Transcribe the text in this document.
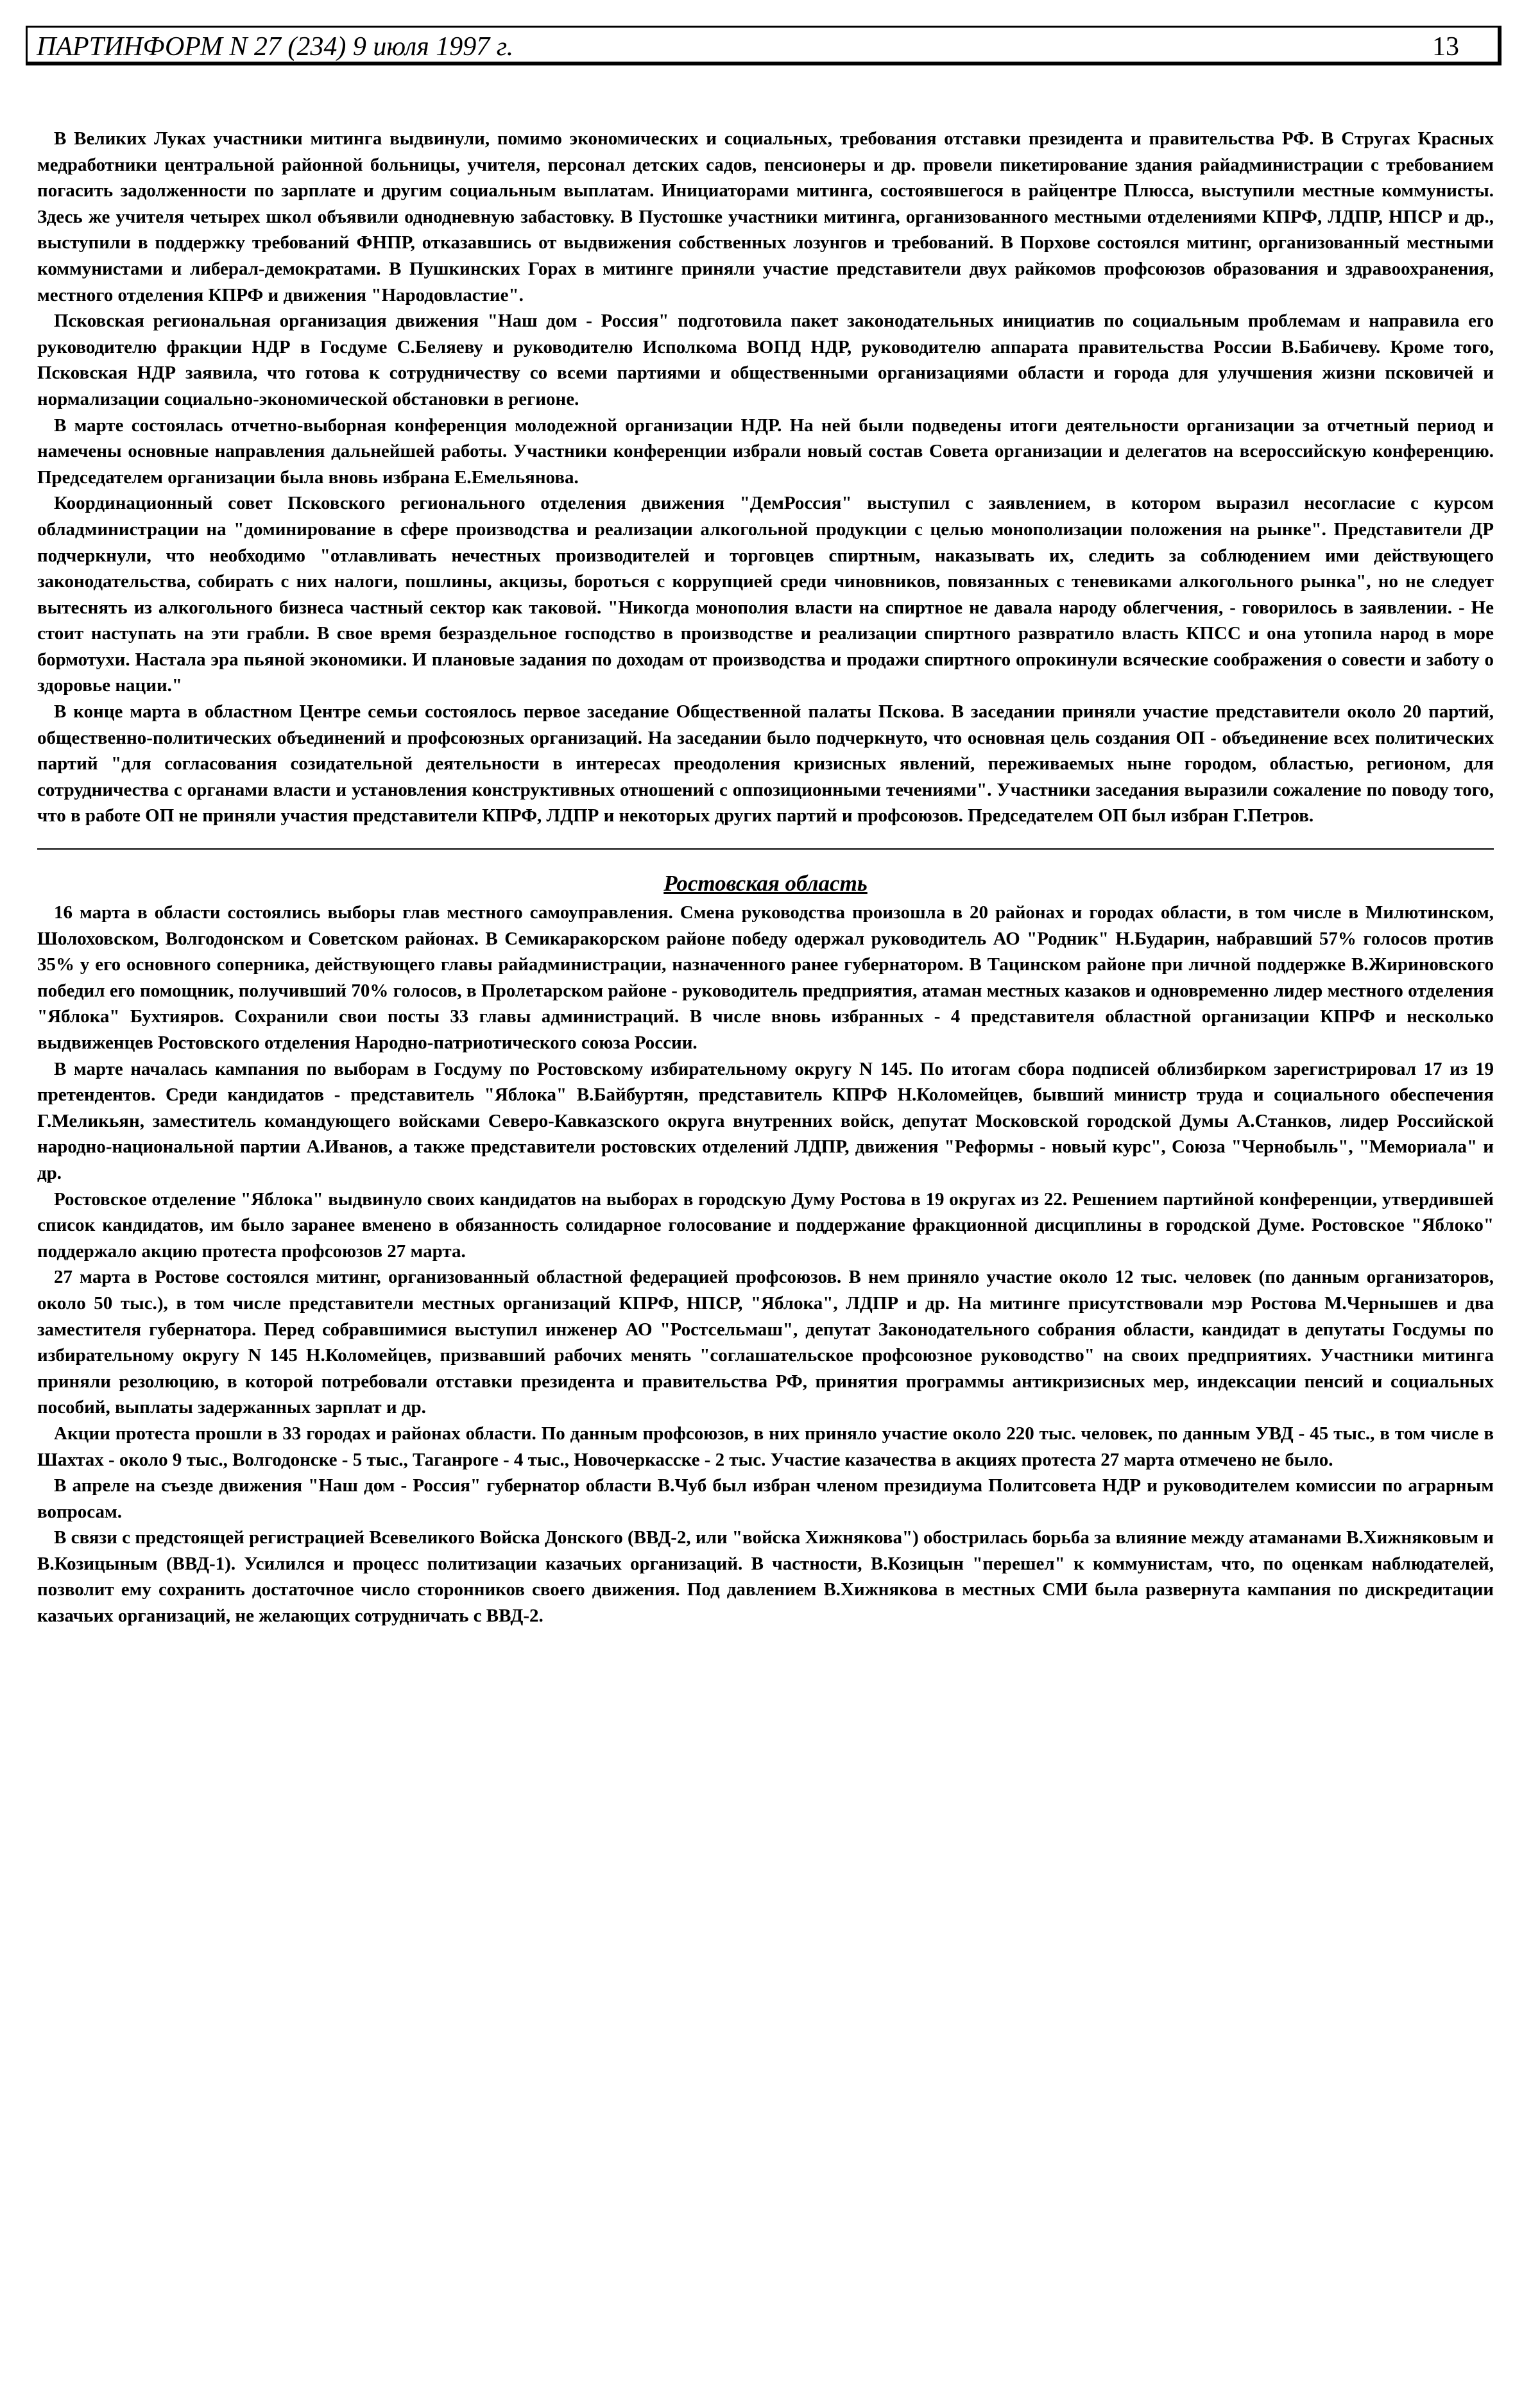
ПАРТИНФОРМ N 27 (234) 9 июля 1997 г.	13

В Великих Луках участники митинга выдвинули, помимо экономических и социальных, требования отставки президента и правительства РФ. В Стругах Красных медработники центральной районной больницы, учителя, персонал детских садов, пенсионеры и др. провели пикетирование здания райадминистрации с требованием погасить задолженности по зарплате и другим социальным выплатам. Инициаторами митинга, состоявшегося в райцентре Плюсса, выступили местные коммунисты. Здесь же учителя четырех школ объявили однодневную забастовку. В Пустошке участники митинга, организованного местными отделениями КПРФ, ЛДПР, НПСР и др., выступили в поддержку требований ФНПР, отказавшись от выдвижения собственных лозунгов и требований. В Порхове состоялся митинг, организованный местными коммунистами и либерал-демократами. В Пушкинских Горах в митинге приняли участие представители двух райкомов профсоюзов образования и здравоохранения, местного отделения КПРФ и движения "Народовластие".

Псковская региональная организация движения "Наш дом - Россия" подготовила пакет законодательных инициатив по социальным проблемам и направила его руководителю фракции НДР в Госдуме С.Беляеву и руководителю Исполкома ВОПД НДР, руководителю аппарата правительства России В.Бабичеву. Кроме того, Псковская НДР заявила, что готова к сотрудничеству со всеми партиями и общественными организациями области и города для улучшения жизни псковичей и нормализации социально-экономической обстановки в регионе.

В марте состоялась отчетно-выборная конференция молодежной организации НДР. На ней были подведены итоги деятельности организации за отчетный период и намечены основные направления дальнейшей работы. Участники конференции избрали новый состав Совета организации и делегатов на всероссийскую конференцию. Председателем организации была вновь избрана Е.Емельянова.

Координационный совет Псковского регионального отделения движения "ДемРоссия" выступил с заявлением, в котором выразил несогласие с курсом обладминистрации на "доминирование в сфере производства и реализации алкогольной продукции с целью монополизации положения на рынке". Представители ДР подчеркнули, что необходимо "отлавливать нечестных производителей и торговцев спиртным, наказывать их, следить за соблюдением ими действующего законодательства, собирать с них налоги, пошлины, акцизы, бороться с коррупцией среди чиновников, повязанных с теневиками алкогольного рынка", но не следует вытеснять из алкогольного бизнеса частный сектор как таковой. "Никогда монополия власти на спиртное не давала народу облегчения, - говорилось в заявлении. - Не стоит наступать на эти грабли. В свое время безраздельное господство в производстве и реализации спиртного развратило власть КПСС и она утопила народ в море бормотухи. Настала эра пьяной экономики. И плановые задания по доходам от производства и продажи спиртного опрокинули всяческие соображения о совести и заботу о здоровье нации."

В конце марта в областном Центре семьи состоялось первое заседание Общественной палаты Пскова. В заседании приняли участие представители около 20 партий, общественно-политических объединений и профсоюзных организаций. На заседании было подчеркнуто, что основная цель создания ОП - объединение всех политических партий "для согласования созидательной деятельности в интересах преодоления кризисных явлений, переживаемых ныне городом, областью, регионом, для сотрудничества с органами власти и установления конструктивных отношений с оппозиционными течениями". Участники заседания выразили сожаление по поводу того, что в работе ОП не приняли участия представители КПРФ, ЛДПР и некоторых других партий и профсоюзов. Председателем ОП был избран Г.Петров.

Ростовская область

16 марта в области состоялись выборы глав местного самоуправления. Смена руководства произошла в 20 районах и городах области, в том числе в Милютинском, Шолоховском, Волгодонском и Советском районах. В Семикаракорском районе победу одержал руководитель АО "Родник" Н.Бударин, набравший 57% голосов против 35% у его основного соперника, действующего главы райадминистрации, назначенного ранее губернатором. В Тацинском районе при личной поддержке В.Жириновского победил его помощник, получивший 70% голосов, в Пролетарском районе - руководитель предприятия, атаман местных казаков и одновременно лидер местного отделения "Яблока" Бухтияров. Сохранили свои посты 33 главы администраций. В числе вновь избранных - 4 представителя областной организации КПРФ и несколько выдвиженцев Ростовского отделения Народно-патриотического союза России.

В марте началась кампания по выборам в Госдуму по Ростовскому избирательному округу N 145. По итогам сбора подписей облизбирком зарегистрировал 17 из 19 претендентов. Среди кандидатов - представитель "Яблока" В.Байбуртян, представитель КПРФ Н.Коломейцев, бывший министр труда и социального обеспечения Г.Меликьян, заместитель командующего войсками Северо-Кавказского округа внутренних войск, депутат Московской городской Думы А.Станков, лидер Российской народно-национальной партии А.Иванов, а также представители ростовских отделений ЛДПР, движения "Реформы - новый курс", Союза "Чернобыль", "Мемориала" и др.

Ростовское отделение "Яблока" выдвинуло своих кандидатов на выборах в городскую Думу Ростова в 19 округах из 22. Решением партийной конференции, утвердившей список кандидатов, им было заранее вменено в обязанность солидарное голосование и поддержание фракционной дисциплины в городской Думе. Ростовское "Яблоко" поддержало акцию протеста профсоюзов 27 марта.

27 марта в Ростове состоялся митинг, организованный областной федерацией профсоюзов. В нем приняло участие около 12 тыс. человек (по данным организаторов, около 50 тыс.), в том числе представители местных организаций КПРФ, НПСР, "Яблока", ЛДПР и др. На митинге присутствовали мэр Ростова М.Чернышев и два заместителя губернатора. Перед собравшимися выступил инженер АО "Ростсельмаш", депутат Законодательного собрания области, кандидат в депутаты Госдумы по избирательному округу N 145 Н.Коломейцев, призвавший рабочих менять "соглашательское профсоюзное руководство" на своих предприятиях. Участники митинга приняли резолюцию, в которой потребовали отставки президента и правительства РФ, принятия программы антикризисных мер, индексации пенсий и социальных пособий, выплаты задержанных зарплат и др.

Акции протеста прошли в 33 городах и районах области. По данным профсоюзов, в них приняло участие около 220 тыс. человек, по данным УВД - 45 тыс., в том числе в Шахтах - около 9 тыс., Волгодонске - 5 тыс., Таганроге - 4 тыс., Новочеркасске - 2 тыс. Участие казачества в акциях протеста 27 марта отмечено не было.

В апреле на съезде движения "Наш дом - Россия" губернатор области В.Чуб был избран членом президиума Политсовета НДР и руководителем комиссии по аграрным вопросам.

В связи с предстоящей регистрацией Всевеликого Войска Донского (ВВД-2, или "войска Хижнякова") обострилась борьба за влияние между атаманами В.Хижняковым и В.Козицыным (ВВД-1). Усилился и процесс политизации казачьих организаций. В частности, В.Козицын "перешел" к коммунистам, что, по оценкам наблюдателей, позволит ему сохранить достаточное число сторонников своего движения. Под давлением В.Хижнякова в местных СМИ была развернута кампания по дискредитации казачьих организаций, не желающих сотрудничать с ВВД-2.
